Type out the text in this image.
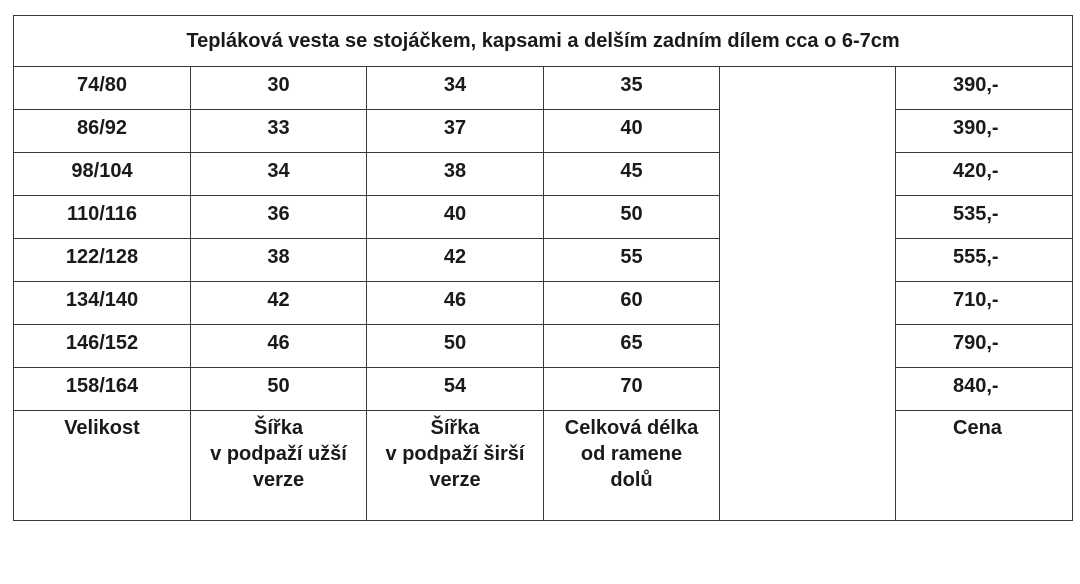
Tepláková vesta se stojáčkem, kapsami a delším zadním dílem cca o 6-7cm					
74/80	30	34	35		390,-
86/92	33	37	40		390,-
98/104	34	38	45		420,-
110/116	36	40	50		535,-
122/128	38	42	55		555,-
134/140	42	46	60		710,-
146/152	46	50	65		790,-
158/164	50	54	70		840,-

Velikost	Šířka
v podpaží užší
verze	Šířka
v podpaží širší
verze	Celková délka
od ramene
dolů		Cena
